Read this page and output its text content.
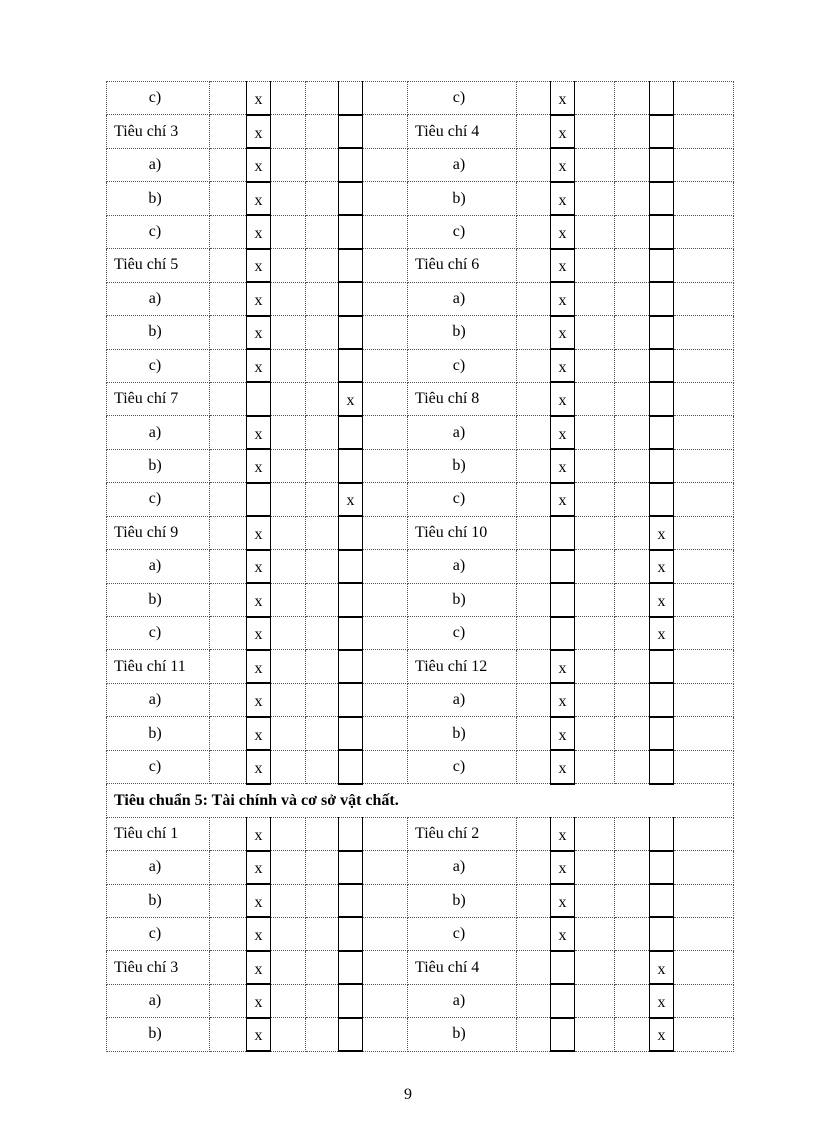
c)		x					c)		x				
Tiêu chí 3		x					Tiêu chí 4		x				
a)		x					a)		x				
b)		x					b)		x				
c)		x					c)		x				
Tiêu chí 5		x					Tiêu chí 6		x				
a)		x					a)		x				
b)		x					b)		x				
c)		x					c)		x				
Tiêu chí 7					x		Tiêu chí 8		x				
a)		x					a)		x				
b)		x					b)		x				
c)					x		c)		x				
Tiêu chí 9		x					Tiêu chí 10					x	
a)		x					a)					x	
b)		x					b)					x	
c)		x					c)					x	
Tiêu chí 11		x					Tiêu chí 12		x				
a)		x					a)		x				
b)		x					b)		x				
c)		x					c)		x				
Tiêu chuẩn 5: Tài chính và cơ sở vật chất.													
Tiêu chí 1		x					Tiêu chí 2		x				
a)		x					a)		x				
b)		x					b)		x				
c)		x					c)		x				
Tiêu chí 3		x					Tiêu chí 4					x	
a)		x					a)					x	
b)		x					b)					x	
9
